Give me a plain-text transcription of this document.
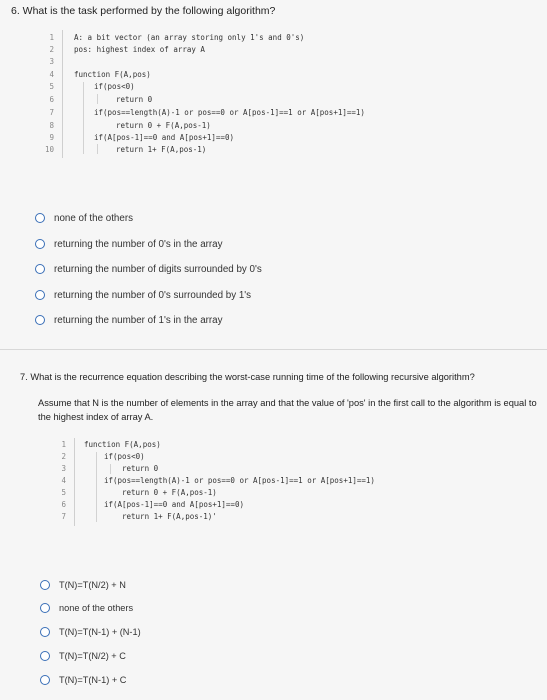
6. What is the task performed by the following algorithm?
1
2
3
4
5
6
7
8
9
10
A: a bit vector (an array storing only 1's and 0's)
pos: highest index of array A
function F(A,pos)
if(pos<0)
return 0
if(pos==length(A)-1 or pos==0 or A[pos-1]==1 or A[pos+1]==1)
return 0 + F(A,pos-1)
if(A[pos-1]==0 and A[pos+1]==0)
return 1+ F(A,pos-1)
none of the others
returning the number of 0's in the array
returning the number of digits surrounded by 0's
returning the number of 0's surrounded by 1's
returning the number of 1's in the array
7. What is the recurrence equation describing the worst-case running time of the following recursive algorithm?
Assume that N is the number of elements in the array and that the value of 'pos' in the first call to the algorithm is equal to the highest index of array A.
1
2
3
4
5
6
7
function F(A,pos)
if(pos<0)
return 0
if(pos==length(A)-1 or pos==0 or A[pos-1]==1 or A[pos+1]==1)
return 0 + F(A,pos-1)
if(A[pos-1]==0 and A[pos+1]==0)
return 1+ F(A,pos-1)'
T(N)=T(N/2) + N
none of the others
T(N)=T(N-1) + (N-1)
T(N)=T(N/2) + C
T(N)=T(N-1) + C
